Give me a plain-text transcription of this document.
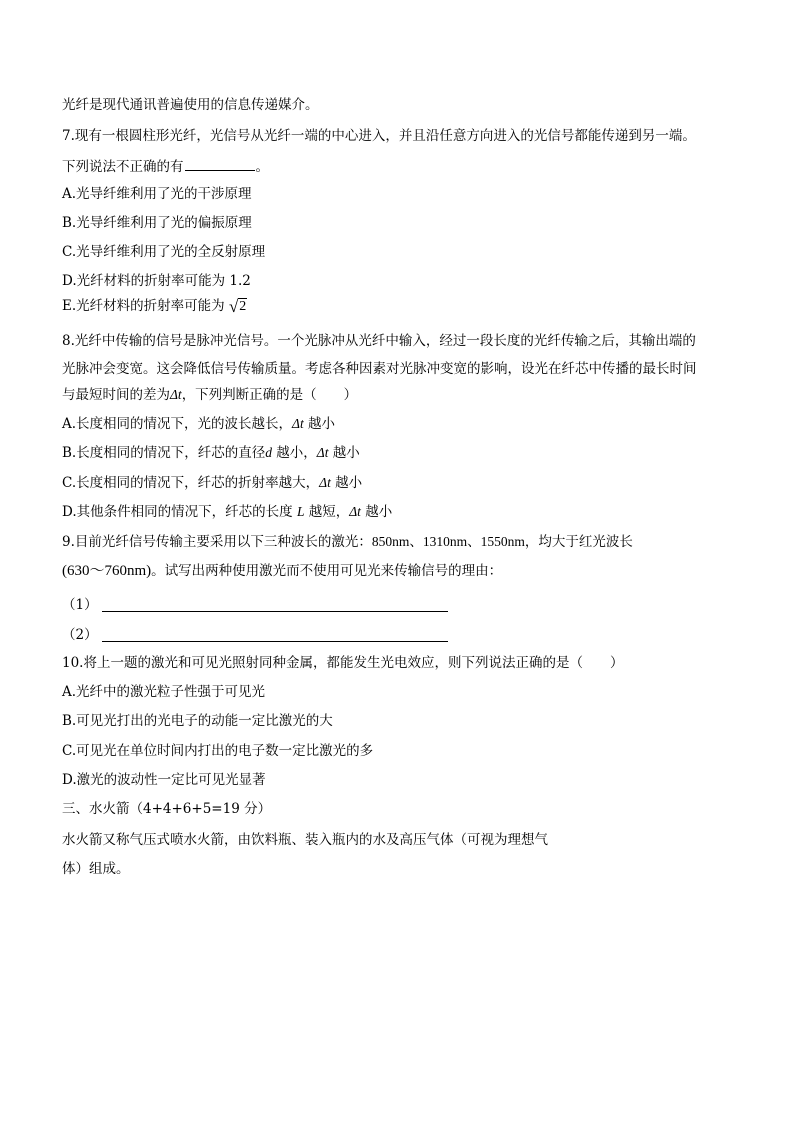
光纤是现代通讯普遍使用的信息传递媒介。
7.现有一根圆柱形光纤，光信号从光纤一端的中心进入，并且沿任意方向进入的光信号都能传递到另一端。
下列说法不正确的有	。
A.光导纤维利用了光的干涉原理
B.光导纤维利用了光的偏振原理
C.光导纤维利用了光的全反射原理
D.光纤材料的折射率可能为 1.2
E.光纤材料的折射率可能为 √2
8.光纤中传输的信号是脉冲光信号。一个光脉冲从光纤中输入，经过一段长度的光纤传输之后，其输出端的
光脉冲会变宽。这会降低信号传输质量。考虑各种因素对光脉冲变宽的影响，设光在纤芯中传播的最长时间
与最短时间的差为Δt，下列判断正确的是（　　）
A.长度相同的情况下，光的波长越长，Δt 越小
B.长度相同的情况下，纤芯的直径d 越小，Δt 越小
C.长度相同的情况下，纤芯的折射率越大，Δt 越小
D.其他条件相同的情况下，纤芯的长度 L 越短，Δt 越小
9.目前光纤信号传输主要采用以下三种波长的激光：850nm、1310nm、1550nm，均大于红光波长
(630～760nm)。试写出两种使用激光而不使用可见光来传输信号的理由：
（1）
（2）
10.将上一题的激光和可见光照射同种金属，都能发生光电效应，则下列说法正确的是（　　）
A.光纤中的激光粒子性强于可见光
B.可见光打出的光电子的动能一定比激光的大
C.可见光在单位时间内打出的电子数一定比激光的多
D.激光的波动性一定比可见光显著
三、水火箭（4+4+6+5=19 分）
水火箭又称气压式喷水火箭，由饮料瓶、装入瓶内的水及高压气体（可视为理想气
体）组成。
